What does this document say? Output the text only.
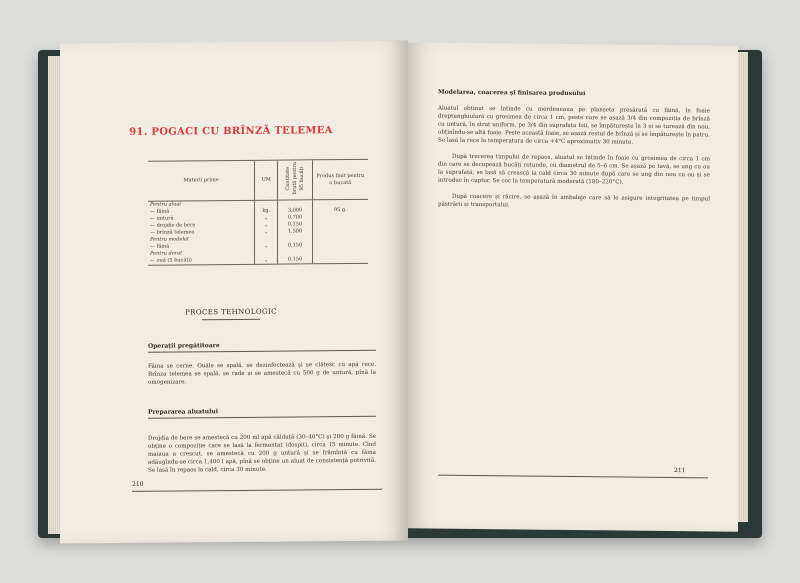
91. POGACI CU BRÎNZĂ TELEMEA
Materii prime	UM	Cantitate brută pentru 95 bucăți	Produs finit pentru o bucată
Pentru aluat			
— făină	kg.	3,000	95 g.
— untură	„	0,700	
— drojdie de bere	„	0,150	
— brînză telemea	„	1,500	
Pentru modelat			
— făină	„	0,150	
Pentru dorat			
— ouă (5 bucăți)	„	0,150	
PROCES TEHNOLOGIC
Operații pregătitoare

Făina se cerne. Ouăle se spală, se dezinfectează și se clătesc cu apă rece. Brînza telemea se spală, se rade și se amestecă cu 500 g de untură, pînă la omogenizare.

Prepararea aluatului

Drojdia de bere se amestecă cu 200 ml apă călduță (30–40°C) și 200 g făină. Se obține o compoziție care se lasă la fermentat (dospit), circa 15 minute. Cînd maiaua a crescut, se amestecă cu 200 g untură și se frămîntă cu făina adăugîndu-se circa 1,400 l apă, pînă se obține un aluat de consistență potrivită. Se lasă în repaos la cald, circa 30 minute.

210
Modelarea, coacerea și finisarea produsului

Aluatul obținut se întinde cu merdeneaua pe planșeta presărată cu făină, în foaie dreptunghiulară cu grosimea de circa 1 cm, peste care se așază 3/4 din compoziția de brînză cu untură, în strat uniform, pe 3/4 din suprafața foii, se împăturește în 3 și se turează din nou, obținîndu-se altă foaie. Peste această foaie, se așază restul de brînză și se împăturește în patru. Se lasă la rece la temperatura de circa +4°C aproximativ 30 minute.

După trecerea timpului de repaos, aluatul se întinde în foaie cu grosimea de circa 1 cm din care se decupează bucăți rotunde, cu diametrul de 5–6 cm. Se așază pe tavă, se ung cu ou la suprafață, se lasă să crească la cald circa 30 minute după care se ung din nou cu ou și se introduc în cuptor. Se coc la temperatură moderată (180–220°C).

După coacere și răcire, se așază în ambalaje care să le asigure integritatea pe timpul păstrării și transportului.

211
